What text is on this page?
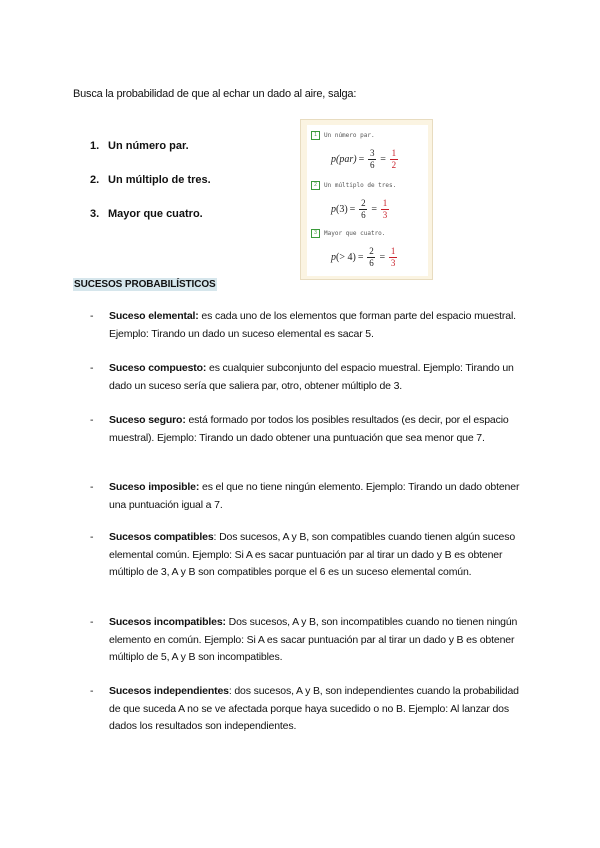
Busca la probabilidad de que al echar un dado al aire, salga:
1. Un número par.
2. Un múltiplo de tres.
3. Mayor que cuatro.
1	Un número par.
p $(par) = \frac{3}{6} = \frac{1}{2}$
2	Un múltiplo de tres.
p $(3) = \frac{2}{6} = \frac{1}{3}$
3	Mayor que cuatro.
p (> $4) = \frac{2}{6} = \frac{1}{3}$
SUCESOS PROBABILÍSTICOS
- Suceso elemental: es cada uno de los elementos que forman parte del espacio muestral. Ejemplo: Tirando un dado un suceso elemental es sacar 5.
- Suceso compuesto: es cualquier subconjunto del espacio muestral. Ejemplo: Tirando un dado un suceso sería que saliera par, otro, obtener múltiplo de 3.
- Suceso seguro: está formado por todos los posibles resultados (es decir, por el espacio muestral). Ejemplo: Tirando un dado obtener una puntuación que sea menor que 7.
- Suceso imposible: es el que no tiene ningún elemento. Ejemplo: Tirando un dado obtener una puntuación igual a 7.
- Sucesos compatibles: Dos sucesos, A y B, son compatibles cuando tienen algún suceso elemental común. Ejemplo: Si A es sacar puntuación par al tirar un dado y B es obtener múltiplo de 3, A y B son compatibles porque el 6 es un suceso elemental común.
- Sucesos incompatibles: Dos sucesos, A y B, son incompatibles cuando no tienen ningún elemento en común. Ejemplo: Si A es sacar puntuación par al tirar un dado y B es obtener múltiplo de 5, A y B son incompatibles.
- Sucesos independientes: dos sucesos, A y B, son independientes cuando la probabilidad de que suceda A no se ve afectada porque haya sucedido o no B. Ejemplo: Al lanzar dos dados los resultados son independientes.
